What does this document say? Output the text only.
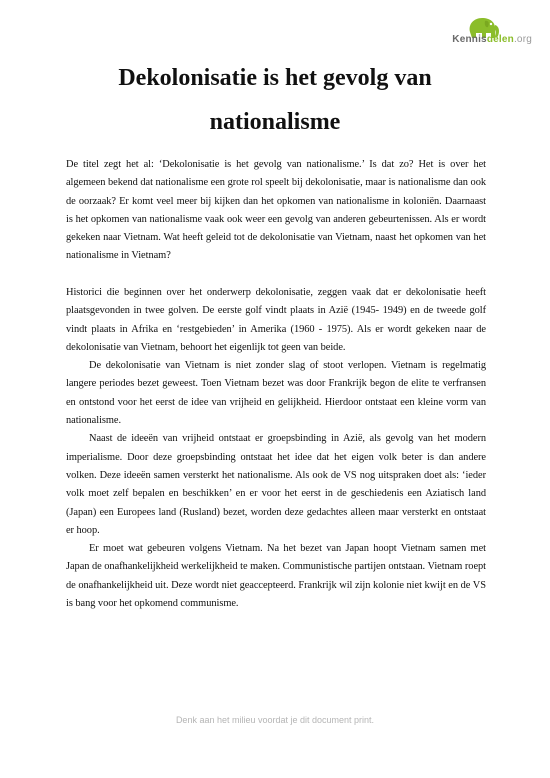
Kennisdelen.org
Dekolonisatie is het gevolg van
nationalisme

De titel zegt het al: ‘Dekolonisatie is het gevolg van nationalisme.’ Is dat zo? Het is over het algemeen bekend dat nationalisme een grote rol speelt bij dekolonisatie, maar is nationalisme dan ook de oorzaak? Er komt veel meer bij kijken dan het opkomen van nationalisme in koloniën. Daarnaast is het opkomen van nationalisme vaak ook weer een gevolg van anderen gebeurtenissen. Als er wordt gekeken naar Vietnam. Wat heeft geleid tot de dekolonisatie van Vietnam, naast het opkomen van het nationalisme in Vietnam?

Historici die beginnen over het onderwerp dekolonisatie, zeggen vaak dat er dekolonisatie heeft plaatsgevonden in twee golven. De eerste golf vindt plaats in Azië (1945- 1949) en de tweede golf vindt plaats in Afrika en ‘restgebieden’ in Amerika (1960 - 1975). Als er wordt gekeken naar de dekolonisatie van Vietnam, behoort het eigenlijk tot geen van beide.

De dekolonisatie van Vietnam is niet zonder slag of stoot verlopen. Vietnam is regelmatig langere periodes bezet geweest. Toen Vietnam bezet was door Frankrijk begon de elite te verfransen en ontstond voor het eerst de idee van vrijheid en gelijkheid. Hierdoor ontstaat een kleine vorm van nationalisme.

Naast de ideeën van vrijheid ontstaat er groepsbinding in Azië, als gevolg van het modern imperialisme. Door deze groepsbinding ontstaat het idee dat het eigen volk beter is dan andere volken. Deze ideeën samen versterkt het nationalisme. Als ook de VS nog uitspraken doet als: ‘ieder volk moet zelf bepalen en beschikken’ en er voor het eerst in de geschiedenis een Aziatisch land (Japan) een Europees land (Rusland) bezet, worden deze gedachtes alleen maar versterkt en ontstaat er hoop.

Er moet wat gebeuren volgens Vietnam. Na het bezet van Japan hoopt Vietnam samen met Japan de onafhankelijkheid werkelijkheid te maken. Communistische partijen ontstaan. Vietnam roept de onafhankelijkheid uit. Deze wordt niet geaccepteerd. Frankrijk wil zijn kolonie niet kwijt en de VS is bang voor het opkomend communisme.

Denk aan het milieu voordat je dit document print.
